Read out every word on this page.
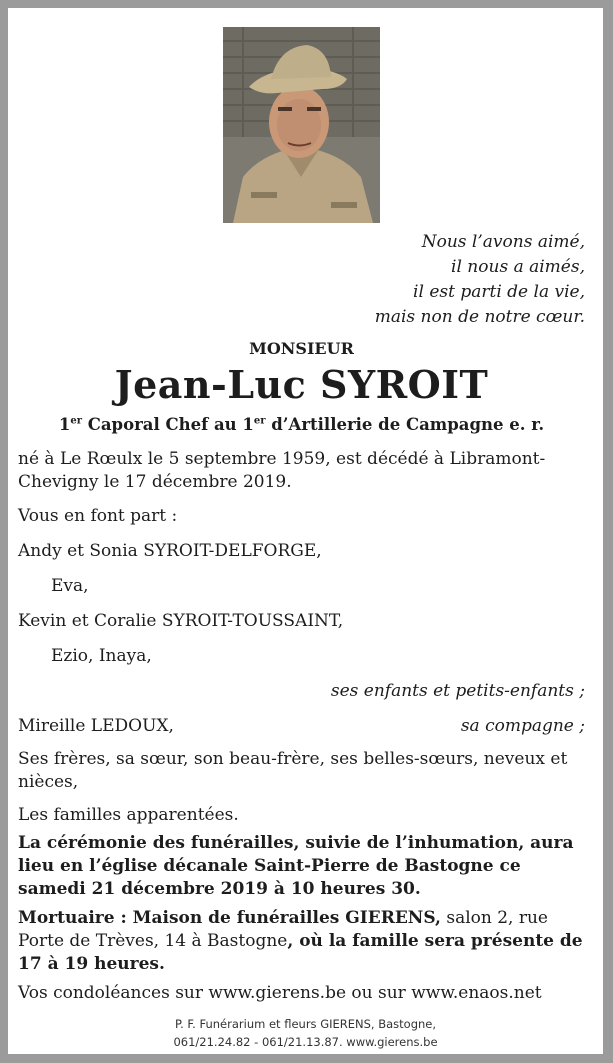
Nous l’avons aimé,
il nous a aimés,
il est parti de la vie,
mais non de notre cœur.
MONSIEUR
Jean-Luc SYROIT
1er Caporal Chef au 1er d’Artillerie de Campagne e. r.
né à Le Rœulx le 5 septembre 1959, est décédé à Libramont-Chevigny le 17 décembre 2019.
Vous en font part :
Andy et Sonia SYROIT-DELFORGE,
Eva,
Kevin et Coralie SYROIT-TOUSSAINT,
Ezio, Inaya,
ses enfants et petits-enfants ;
Mireille LEDOUX,	sa compagne ;
Ses frères, sa sœur, son beau-frère, ses belles-sœurs, neveux et nièces,
Les familles apparentées.
La cérémonie des funérailles, suivie de l’inhumation, aura lieu en l’église décanale Saint-Pierre de Bastogne ce samedi 21 décembre 2019 à 10 heures 30.
Mortuaire : Maison de funérailles GIERENS, salon 2, rue Porte de Trèves, 14 à Bastogne, où la famille sera présente de 17 à 19 heures.
Vos condoléances sur www.gierens.be ou sur www.enaos.net
P. F. Funérarium et fleurs GIERENS, Bastogne,
061/21.24.82 - 061/21.13.87. www.gierens.be
